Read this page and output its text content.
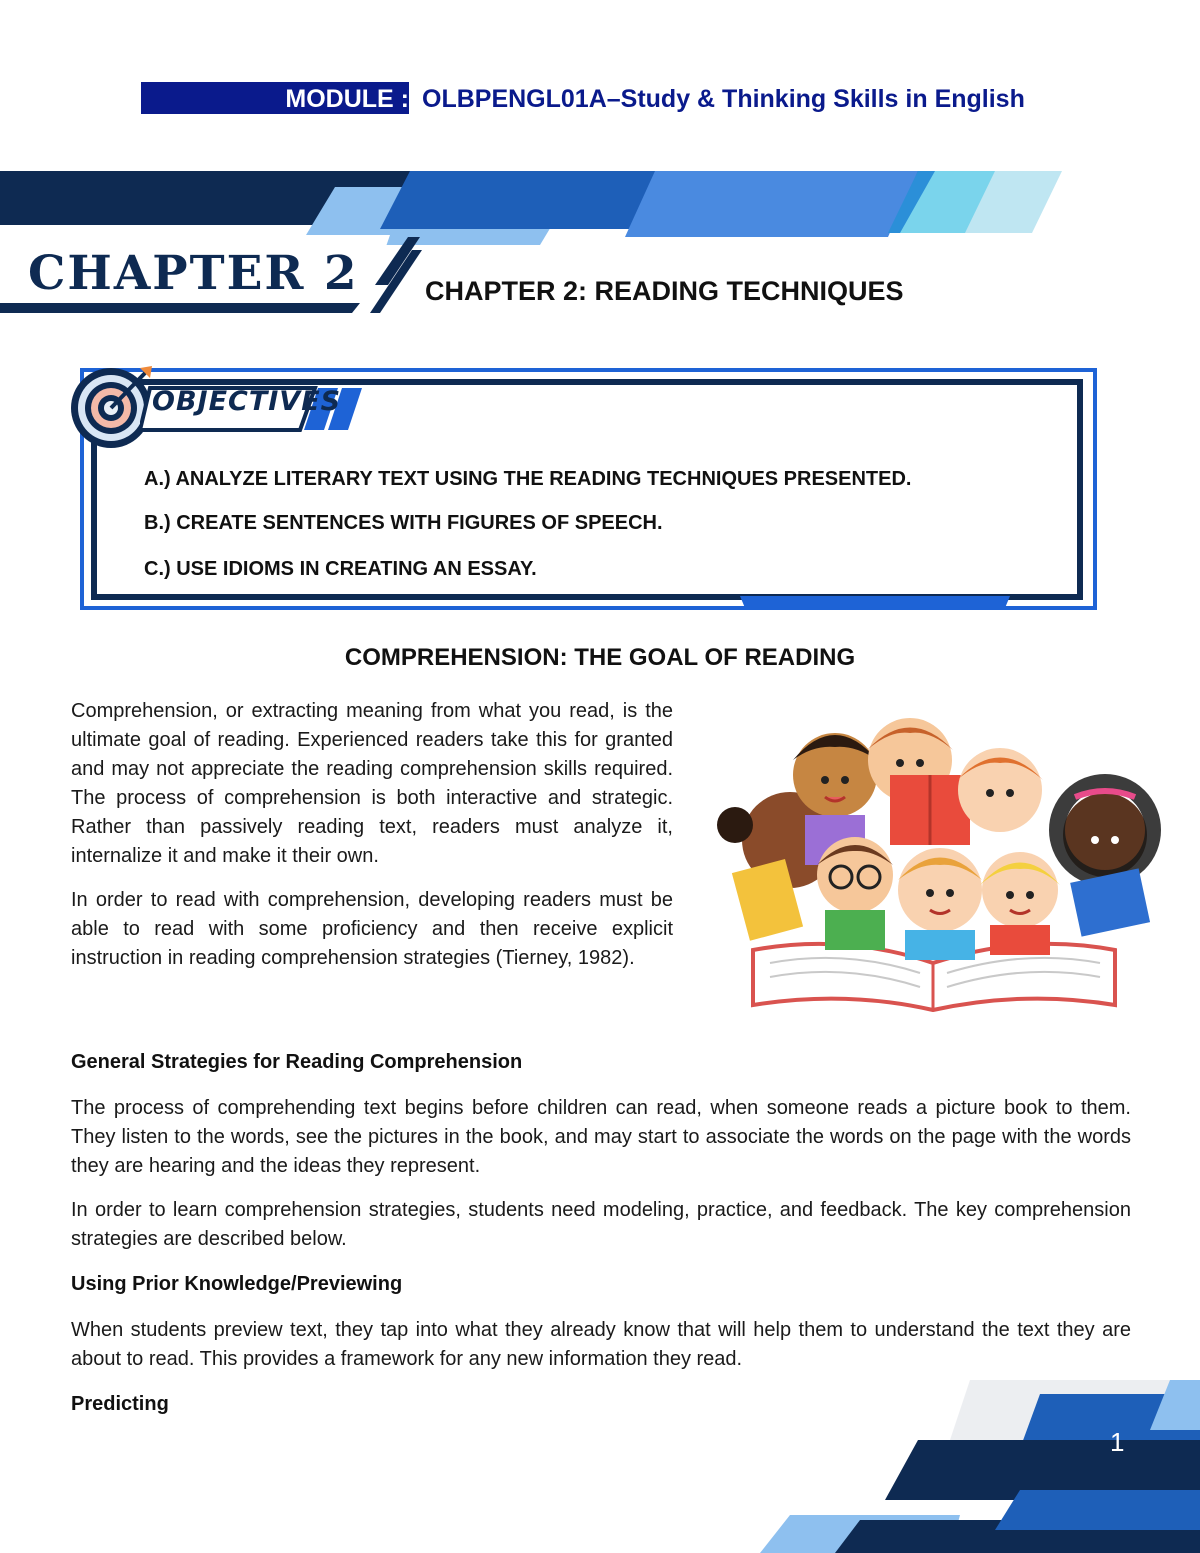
MODULE : OLBPENGL01A–Study & Thinking Skills in English
CHAPTER 2 CHAPTER 2: READING TECHNIQUES
OBJECTIVES
A.) ANALYZE LITERARY TEXT USING THE READING TECHNIQUES PRESENTED.
B.) CREATE SENTENCES WITH FIGURES OF SPEECH.
C.) USE IDIOMS IN CREATING AN ESSAY.
COMPREHENSION: THE GOAL OF READING

Comprehension, or extracting meaning from what you read, is the ultimate goal of reading. Experienced readers take this for granted and may not appreciate the reading comprehension skills required. The process of comprehension is both interactive and strategic. Rather than passively reading text, readers must analyze it, internalize it and make it their own.

In order to read with comprehension, developing readers must be able to read with some proficiency and then receive explicit instruction in reading comprehension strategies (Tierney, 1982).

General Strategies for Reading Comprehension

The process of comprehending text begins before children can read, when someone reads a picture book to them. They listen to the words, see the pictures in the book, and may start to associate the words on the page with the words they are hearing and the ideas they represent.

In order to learn comprehension strategies, students need modeling, practice, and feedback. The key comprehension strategies are described below.

Using Prior Knowledge/Previewing

When students preview text, they tap into what they already know that will help them to understand the text they are about to read. This provides a framework for any new information they read.

Predicting
1
